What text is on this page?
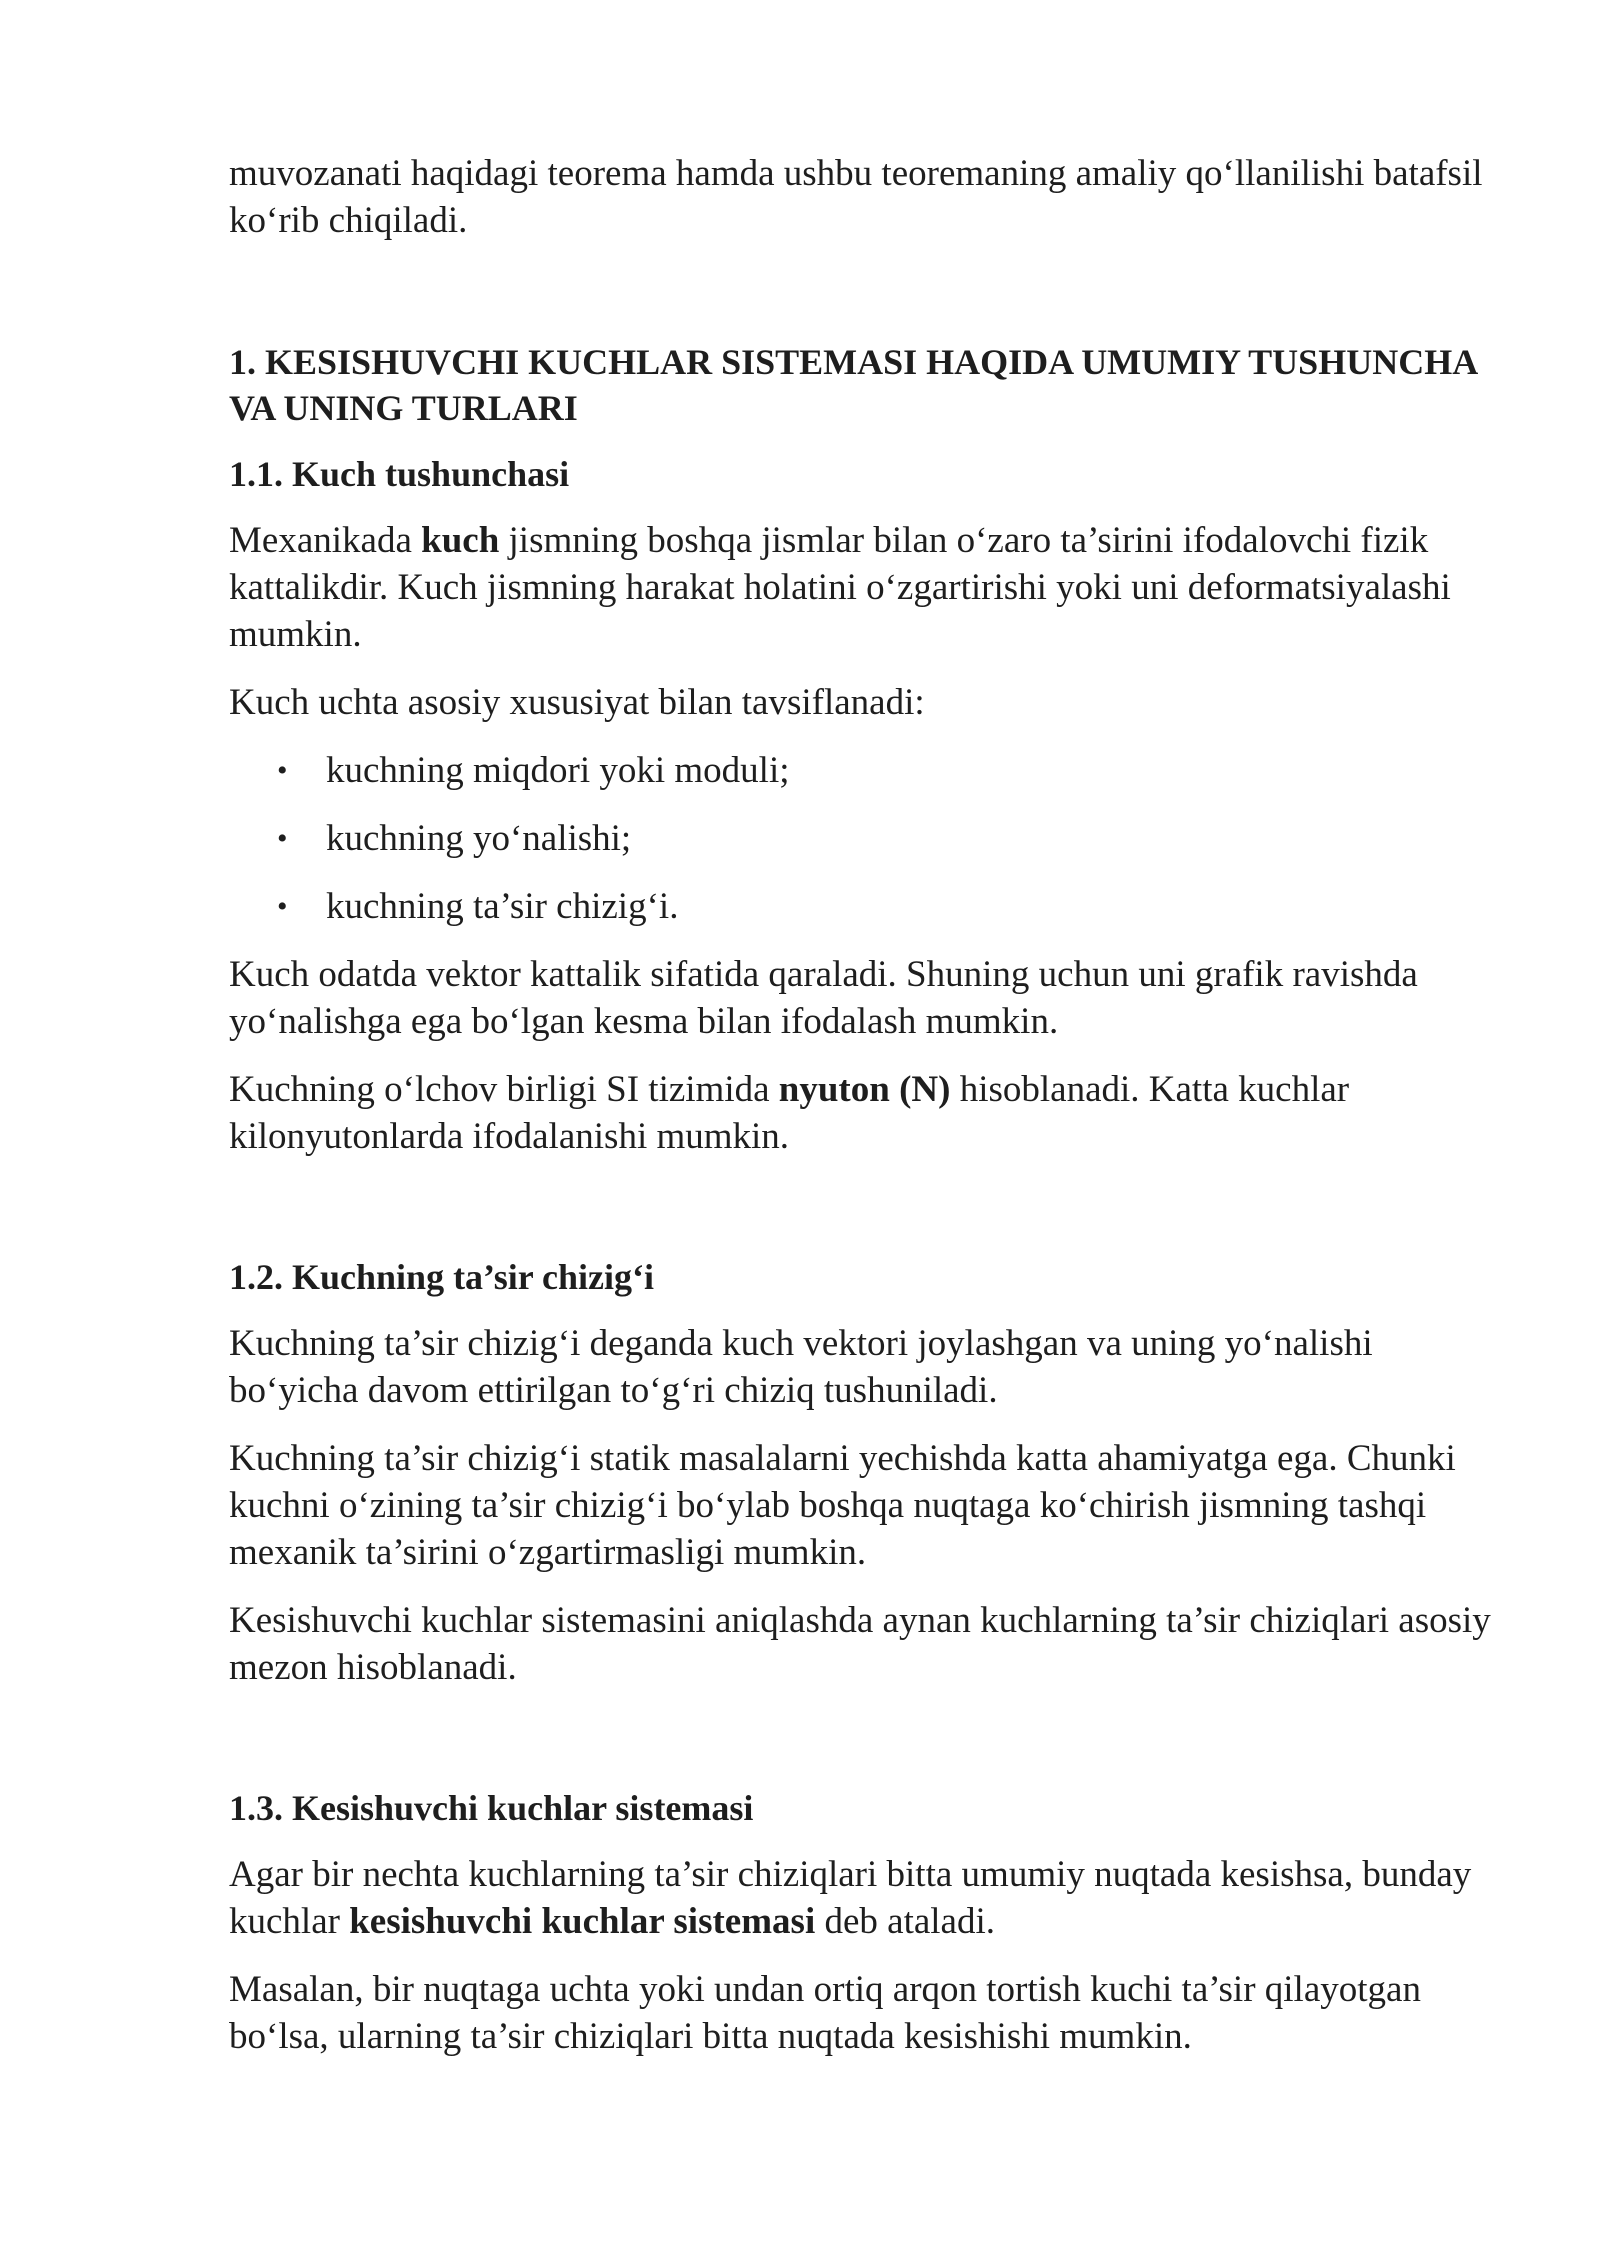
muvozanati haqidagi teorema hamda ushbu teoremaning amaliy qo‘llanilishi batafsil ko‘rib chiqiladi.

1. KESISHUVCHI KUCHLAR SISTEMASI HAQIDA UMUMIY TUSHUNCHA VA UNING TURLARI
1.1. Kuch tushunchasi

Mexanikada kuch jismning boshqa jismlar bilan o‘zaro ta’sirini ifodalovchi fizik kattalikdir. Kuch jismning harakat holatini o‘zgartirishi yoki uni deformatsiyalashi mumkin.

Kuch uchta asosiy xususiyat bilan tavsiflanadi:

• kuchning miqdori yoki moduli;
• kuchning yo‘nalishi;
• kuchning ta’sir chizig‘i.

Kuch odatda vektor kattalik sifatida qaraladi. Shuning uchun uni grafik ravishda yo‘nalishga ega bo‘lgan kesma bilan ifodalash mumkin.

Kuchning o‘lchov birligi SI tizimida nyuton (N) hisoblanadi. Katta kuchlar kilonyutonlarda ifodalanishi mumkin.

1.2. Kuchning ta’sir chizig‘i

Kuchning ta’sir chizig‘i deganda kuch vektori joylashgan va uning yo‘nalishi bo‘yicha davom ettirilgan to‘g‘ri chiziq tushuniladi.

Kuchning ta’sir chizig‘i statik masalalarni yechishda katta ahamiyatga ega. Chunki kuchni o‘zining ta’sir chizig‘i bo‘ylab boshqa nuqtaga ko‘chirish jismning tashqi mexanik ta’sirini o‘zgartirmasligi mumkin.

Kesishuvchi kuchlar sistemasini aniqlashda aynan kuchlarning ta’sir chiziqlari asosiy mezon hisoblanadi.

1.3. Kesishuvchi kuchlar sistemasi

Agar bir nechta kuchlarning ta’sir chiziqlari bitta umumiy nuqtada kesishsa, bunday kuchlar kesishuvchi kuchlar sistemasi deb ataladi.

Masalan, bir nuqtaga uchta yoki undan ortiq arqon tortish kuchi ta’sir qilayotgan bo‘lsa, ularning ta’sir chiziqlari bitta nuqtada kesishishi mumkin.
